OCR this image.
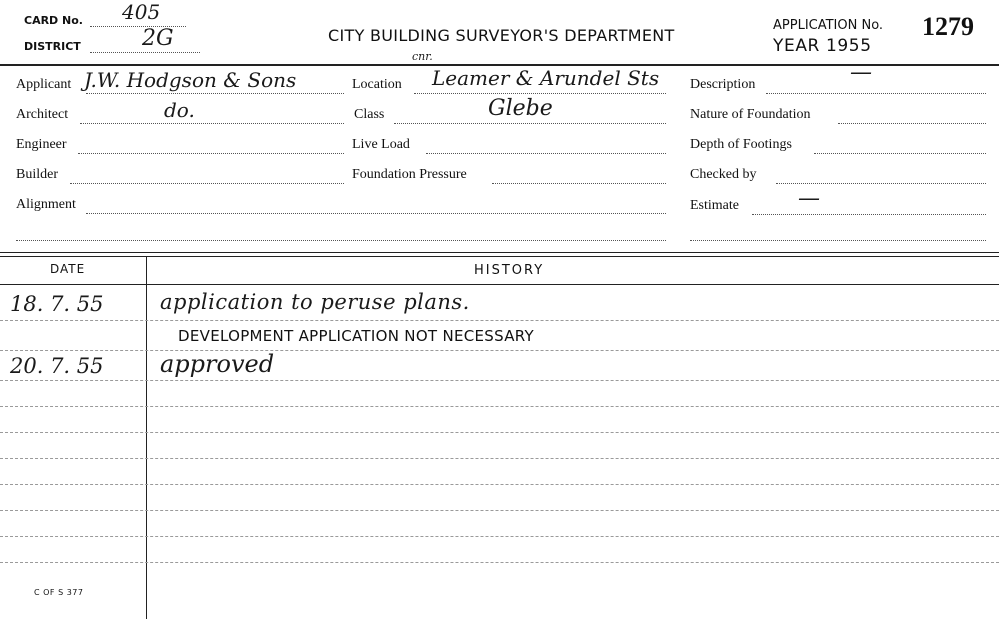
CARD No. 405
DISTRICT	2G	CITY BUILDING SURVEYOR'S DEPARTMENT
APPLICATION No. 1279
YEAR 1955
Applicant J.W. Hodgson & Sons
Architect	do.
Engineer
Builder
Alignment
cnr.
Location Leamer & Arundel Sts
Class	Glebe
Live Load
Foundation Pressure
Description	—
Nature of Foundation
Depth of Footings
Checked by
Estimate	—
DATE	HISTORY
18. 7. 55	application to peruse plans.
DEVELOPMENT APPLICATION NOT NECESSARY
20. 7. 55 approved
C OF S 377
